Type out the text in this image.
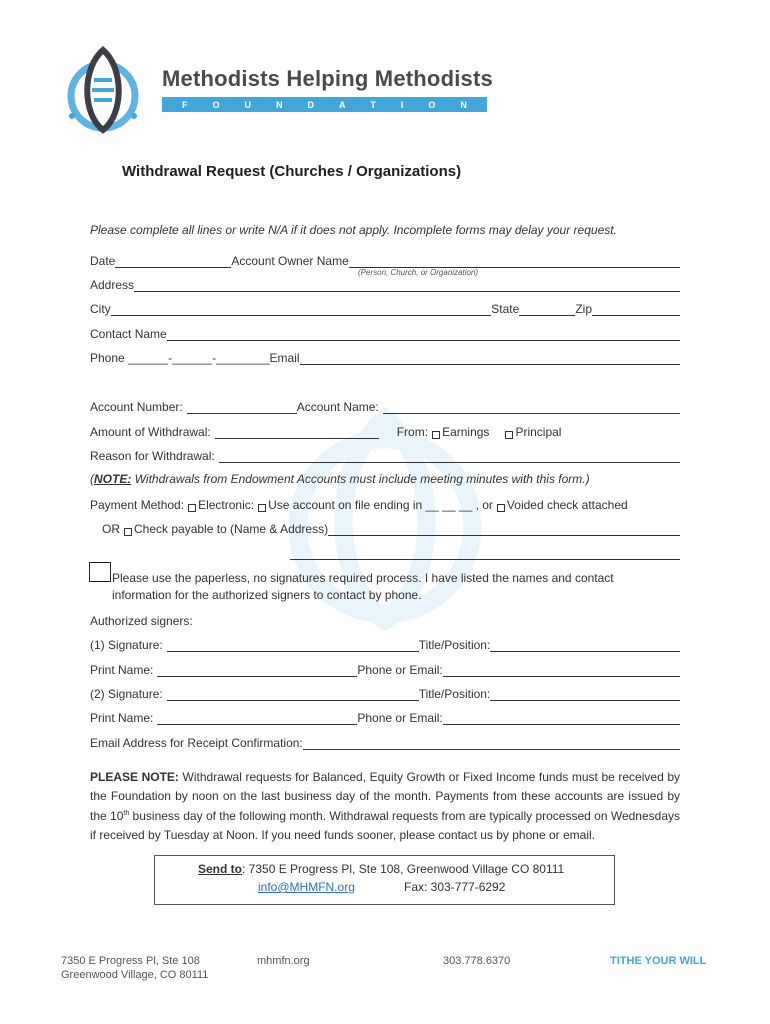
Methodists Helping Methodists
F	O	U	N	D	A	T	I	O	N
Withdrawal Request (Churches / Organizations)
Please complete all lines or write N/A if it does not apply. Incomplete forms may delay your request.
Date	Account Owner Name
(Person, Church, or Organization)
Address
City	State	Zip
Contact Name
Phone ______-______-________ Email
Account Number:	Account Name:
Amount of Withdrawal:	From: Earnings Principal
Reason for Withdrawal:
(NOTE: Withdrawals from Endowment Accounts must include meeting minutes with this form.)
Payment Method: Electronic: Use account on file ending in __ __ __ , or Voided check attached
OR Check payable to (Name & Address)
Please use the paperless, no signatures required process. I have listed the names and contact
information for the authorized signers to contact by phone.
Authorized signers:
(1) Signature:	Title/Position:
Print Name:	Phone or Email:
(2) Signature:	Title/Position:
Print Name:	Phone or Email:
Email Address for Receipt Confirmation:
PLEASE NOTE: Withdrawal requests for Balanced, Equity Growth or Fixed Income funds must be received by the Foundation by noon on the last business day of the month. Payments from these accounts are issued by the 10th business day of the following month. Withdrawal requests from are typically processed on Wednesdays if received by Tuesday at Noon. If you need funds sooner, please contact us by phone or email.
Send to: 7350 E Progress Pl, Ste 108, Greenwood Village CO 80111
info@MHMFN.org	Fax: 303-777-6292
7350 E Progress Pl, Ste 108
Greenwood Village, CO 80111
mhmfn.org	303.778.6370	TITHE YOUR WILL
